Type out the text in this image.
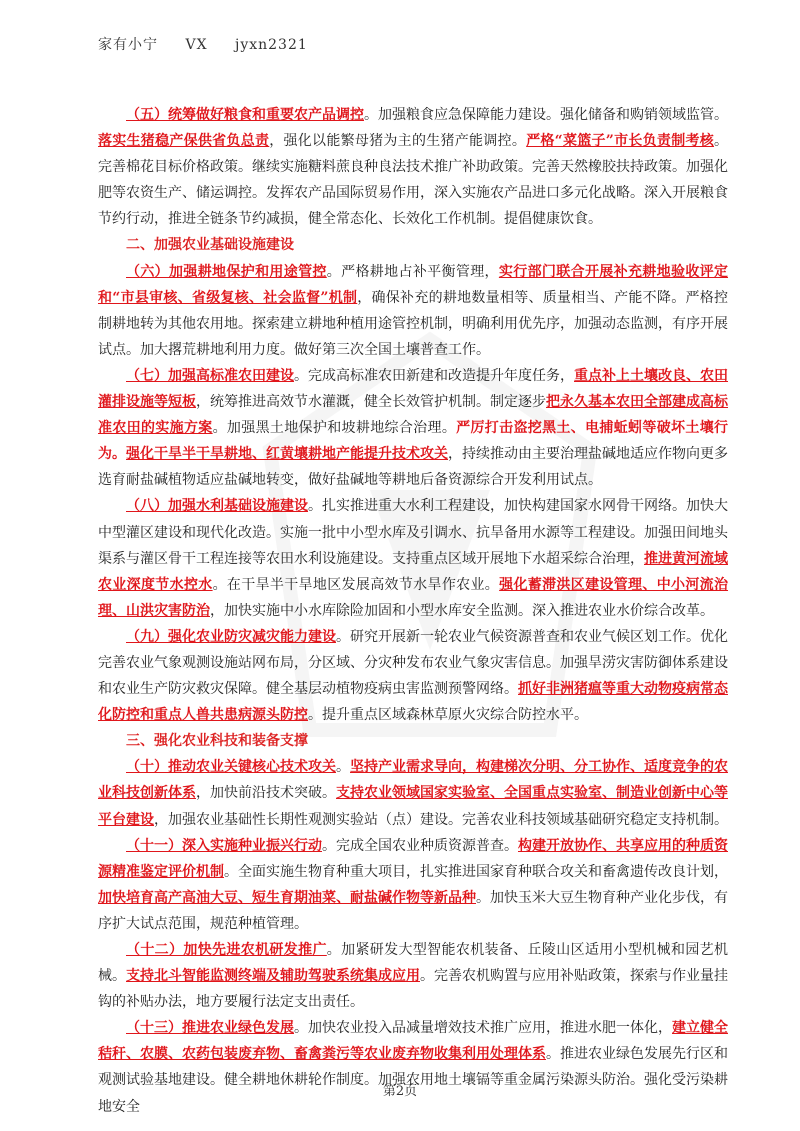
家有小宁 VX jyxn2321

（五）统筹做好粮食和重要农产品调控。加强粮食应急保障能力建设。强化储备和购销领域监管。落实生猪稳产保供省负总责，强化以能繁母猪为主的生猪产能调控。严格“菜篮子”市长负责制考核。完善棉花目标价格政策。继续实施糖料蔗良种良法技术推广补助政策。完善天然橡胶扶持政策。加强化肥等农资生产、储运调控。发挥农产品国际贸易作用，深入实施农产品进口多元化战略。深入开展粮食节约行动，推进全链条节约减损，健全常态化、长效化工作机制。提倡健康饮食。

二、加强农业基础设施建设

（六）加强耕地保护和用途管控。严格耕地占补平衡管理，实行部门联合开展补充耕地验收评定和“市县审核、省级复核、社会监督”机制，确保补充的耕地数量相等、质量相当、产能不降。严格控制耕地转为其他农用地。探索建立耕地种植用途管控机制，明确利用优先序，加强动态监测，有序开展试点。加大撂荒耕地利用力度。做好第三次全国土壤普查工作。

（七）加强高标准农田建设。完成高标准农田新建和改造提升年度任务，重点补上土壤改良、农田灌排设施等短板，统筹推进高效节水灌溉，健全长效管护机制。制定逐步把永久基本农田全部建成高标准农田的实施方案。加强黑土地保护和坡耕地综合治理。严厉打击盗挖黑土、电捕蚯蚓等破坏土壤行为。强化干旱半干旱耕地、红黄壤耕地产能提升技术攻关，持续推动由主要治理盐碱地适应作物向更多选育耐盐碱植物适应盐碱地转变，做好盐碱地等耕地后备资源综合开发利用试点。

（八）加强水利基础设施建设。扎实推进重大水利工程建设，加快构建国家水网骨干网络。加快大中型灌区建设和现代化改造。实施一批中小型水库及引调水、抗旱备用水源等工程建设。加强田间地头渠系与灌区骨干工程连接等农田水利设施建设。支持重点区域开展地下水超采综合治理，推进黄河流域农业深度节水控水。在干旱半干旱地区发展高效节水旱作农业。强化蓄滞洪区建设管理、中小河流治理、山洪灾害防治，加快实施中小水库除险加固和小型水库安全监测。深入推进农业水价综合改革。

（九）强化农业防灾减灾能力建设。研究开展新一轮农业气候资源普查和农业气候区划工作。优化完善农业气象观测设施站网布局，分区域、分灾种发布农业气象灾害信息。加强旱涝灾害防御体系建设和农业生产防灾救灾保障。健全基层动植物疫病虫害监测预警网络。抓好非洲猪瘟等重大动物疫病常态化防控和重点人兽共患病源头防控。提升重点区域森林草原火灾综合防控水平。

三、强化农业科技和装备支撑

（十）推动农业关键核心技术攻关。坚持产业需求导向，构建梯次分明、分工协作、适度竞争的农业科技创新体系，加快前沿技术突破。支持农业领域国家实验室、全国重点实验室、制造业创新中心等平台建设，加强农业基础性长期性观测实验站（点）建设。完善农业科技领域基础研究稳定支持机制。

（十一）深入实施种业振兴行动。完成全国农业种质资源普查。构建开放协作、共享应用的种质资源精准鉴定评价机制。全面实施生物育种重大项目，扎实推进国家育种联合攻关和畜禽遗传改良计划，加快培育高产高油大豆、短生育期油菜、耐盐碱作物等新品种。加快玉米大豆生物育种产业化步伐，有序扩大试点范围，规范种植管理。

（十二）加快先进农机研发推广。加紧研发大型智能农机装备、丘陵山区适用小型机械和园艺机械。支持北斗智能监测终端及辅助驾驶系统集成应用。完善农机购置与应用补贴政策，探索与作业量挂钩的补贴办法，地方要履行法定支出责任。

（十三）推进农业绿色发展。加快农业投入品减量增效技术推广应用，推进水肥一体化，建立健全秸秆、农膜、农药包装废弃物、畜禽粪污等农业废弃物收集利用处理体系。推进农业绿色发展先行区和观测试验基地建设。健全耕地休耕轮作制度。加强农用地土壤镉等重金属污染源头防治。强化受污染耕地安全

第2页
